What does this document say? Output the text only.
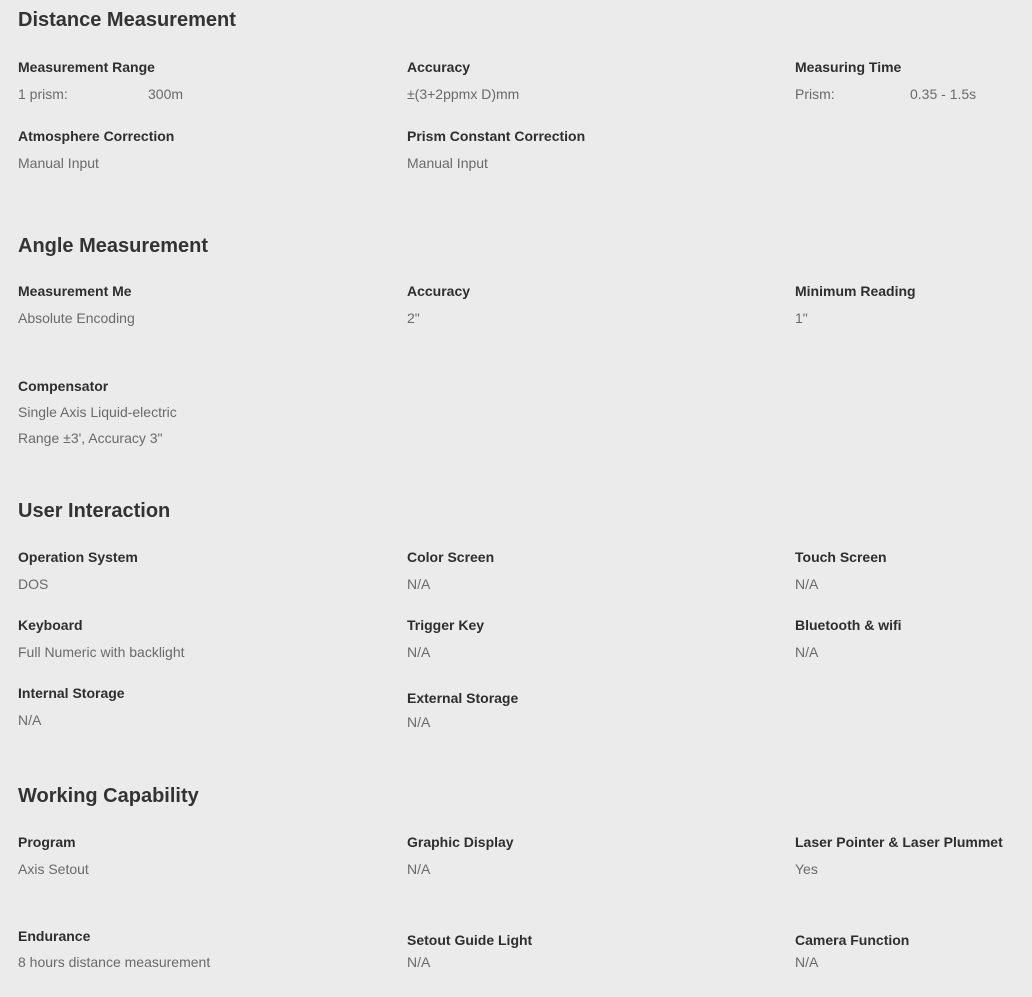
Distance Measurement
Measurement Range
1 prism:	300m
Accuracy
±(3+2ppmx D)mm
Measuring Time
Prism:	0.35 - 1.5s
Atmosphere Correction
Manual Input
Prism Constant Correction
Manual Input
Angle Measurement
Measurement Me
Absolute Encoding
Accuracy
2"
Minimum Reading
1"
Compensator
Single Axis Liquid-electric
Range ±3', Accuracy 3"
User Interaction
Operation System
DOS
Color Screen
N/A
Touch Screen
N/A
Keyboard
Full Numeric with backlight
Trigger Key
N/A
Bluetooth & wifi
N/A
Internal Storage
N/A
External Storage
N/A
Working Capability
Program
Axis Setout
Graphic Display
N/A
Laser Pointer & Laser Plummet
Yes
Endurance
8 hours distance measurement
Setout Guide Light
N/A
Camera Function
N/A
